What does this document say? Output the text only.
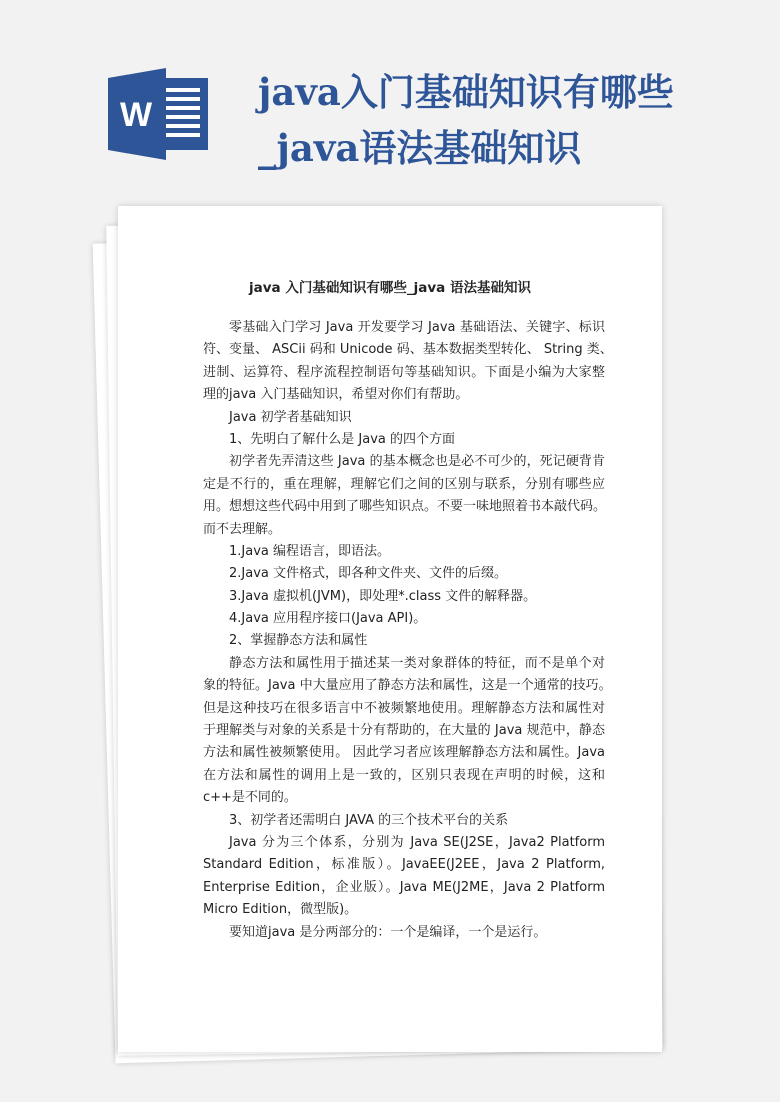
W
java入门基础知识有哪些
_java语法基础知识
java 入门基础知识有哪些_java 语法基础知识
零基础入门学习 Java 开发要学习 Java 基础语法、关键字、标识
符、变量、 ASCii 码和 Unicode 码、基本数据类型转化、 String 类、
进制、运算符、程序流程控制语句等基础知识。下面是小编为大家整
理的java 入门基础知识，希望对你们有帮助。
Java 初学者基础知识
1、先明白了解什么是 Java 的四个方面
初学者先弄清这些 Java 的基本概念也是必不可少的，死记硬背肯
定是不行的，重在理解，理解它们之间的区别与联系，分别有哪些应
用。想想这些代码中用到了哪些知识点。不要一味地照着书本敲代码。
而不去理解。
1.Java 编程语言，即语法。
2.Java 文件格式，即各种文件夹、文件的后缀。
3.Java 虚拟机(JVM)，即处理*.class 文件的解释器。
4.Java 应用程序接口(Java API)。
2、掌握静态方法和属性
静态方法和属性用于描述某一类对象群体的特征，而不是单个对
象的特征。Java 中大量应用了静态方法和属性，这是一个通常的技巧。
但是这种技巧在很多语言中不被频繁地使用。理解静态方法和属性对
于理解类与对象的关系是十分有帮助的，在大量的 Java 规范中，静态
方法和属性被频繁使用。 因此学习者应该理解静态方法和属性。Java
在方法和属性的调用上是一致的，区别只表现在声明的时候，这和
c++是不同的。
3、初学者还需明白 JAVA 的三个技术平台的关系
Java 分为三个体系，分别为 Java SE(J2SE，Java2 Platform
Standard Edition，标准版）。JavaEE(J2EE，Java 2 Platform,
Enterprise Edition，企业版）。Java ME(J2ME，Java 2 Platform
Micro Edition，微型版)。
要知道java 是分两部分的：一个是编译，一个是运行。
